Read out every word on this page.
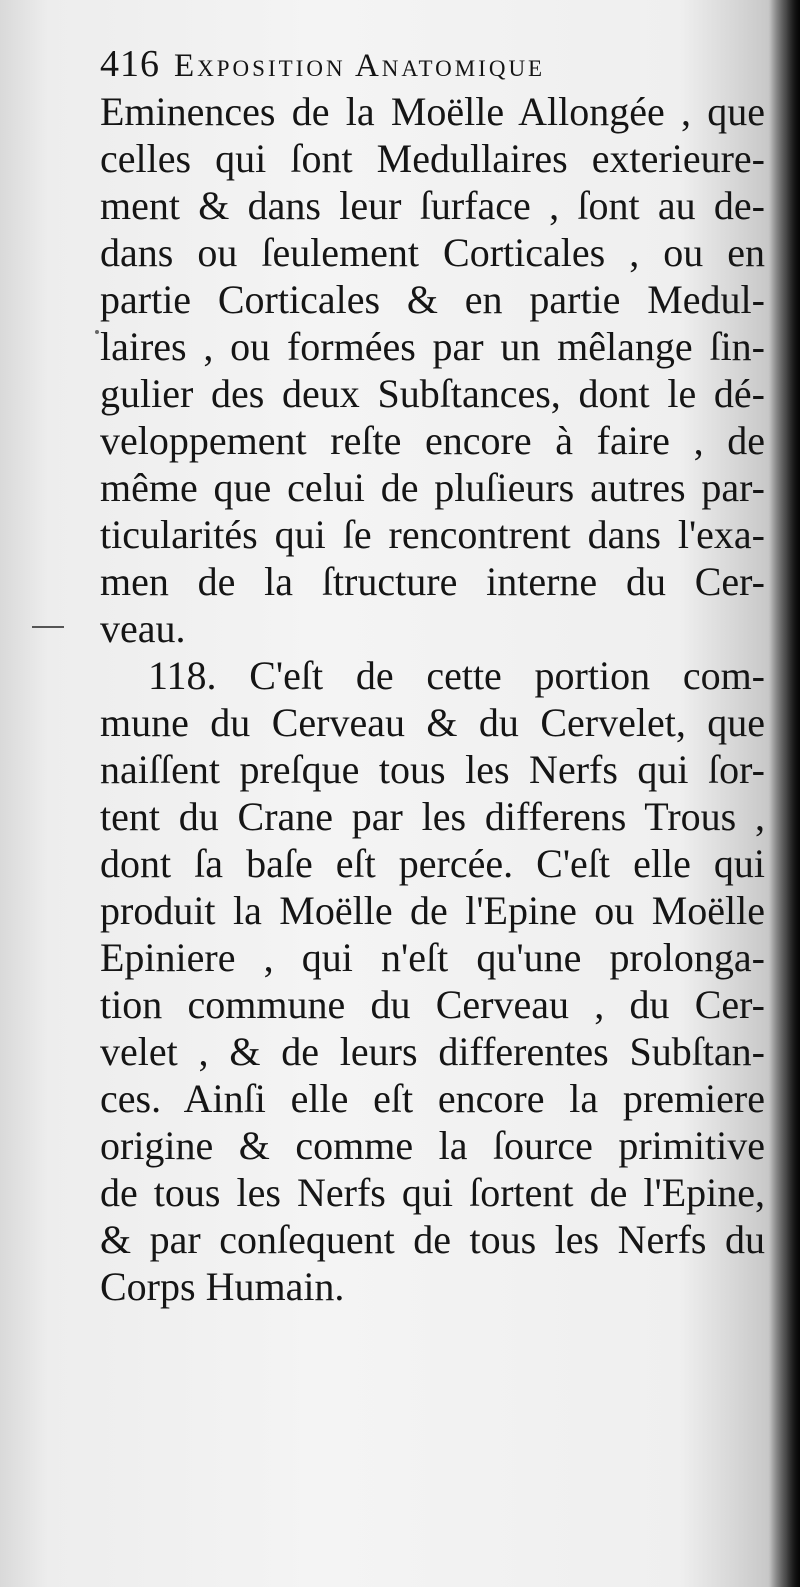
416 Exposition Anatomique
Eminences de la Moëlle Allongée , que
celles qui ſont Medullaires exterieure-
ment & dans leur ſurface , ſont au de-
dans ou ſeulement Corticales , ou en
partie Corticales & en partie Medul-
laires , ou formées par un mêlange ſin-
gulier des deux Subſtances, dont le dé-
veloppement reſte encore à faire , de
même que celui de pluſieurs autres par-
ticularités qui ſe rencontrent dans l'exa-
men de la ſtructure interne du Cer-
veau.
118. C'eſt de cette portion com-
mune du Cerveau & du Cervelet, que
naiſſent preſque tous les Nerfs qui ſor-
tent du Crane par les differens Trous ,
dont ſa baſe eſt percée. C'eſt elle qui
produit la Moëlle de l'Epine ou Moëlle
Epiniere , qui n'eſt qu'une prolonga-
tion commune du Cerveau , du Cer-
velet , & de leurs differentes Subſtan-
ces. Ainſi elle eſt encore la premiere
origine & comme la ſource primitive
de tous les Nerfs qui ſortent de l'Epine,
& par conſequent de tous les Nerfs du
Corps Humain.
